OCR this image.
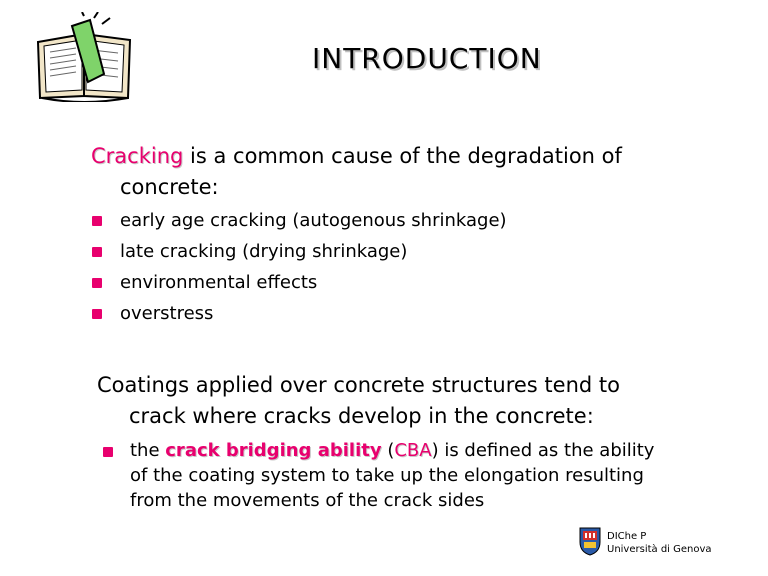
INTRODUCTION

Cracking is a common cause of the degradation of
concrete:

early age cracking (autogenous shrinkage)
late cracking (drying shrinkage)
environmental effects
overstress

Coatings applied over concrete structures tend to
crack where cracks develop in the concrete:

the crack bridging ability (CBA) is defined as the ability
of the coating system to take up the elongation resulting
from the movements of the crack sides
DIChe P
Università di Genova
